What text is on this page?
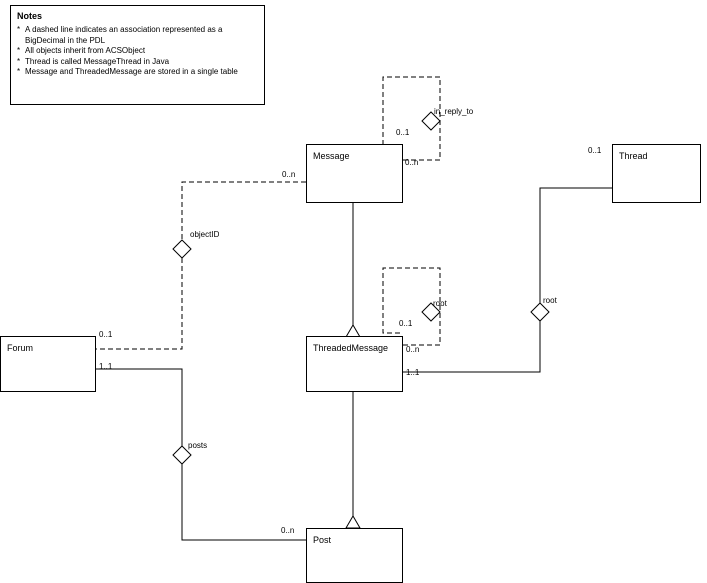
Notes
* A dashed line indicates an association represented as a BigDecimal in the PDL
* All objects inherit from ACSObject
* Thread is called MessageThread in Java
* Message and ThreadedMessage are stored in a single table
Message	Thread
Forum	ThreadedMessage
Post
in_reply_to
objectID
root	root
posts
0..1
0..n
0..n
0..1
0..1
0..1
0..n
1..1
1..1
0..n
